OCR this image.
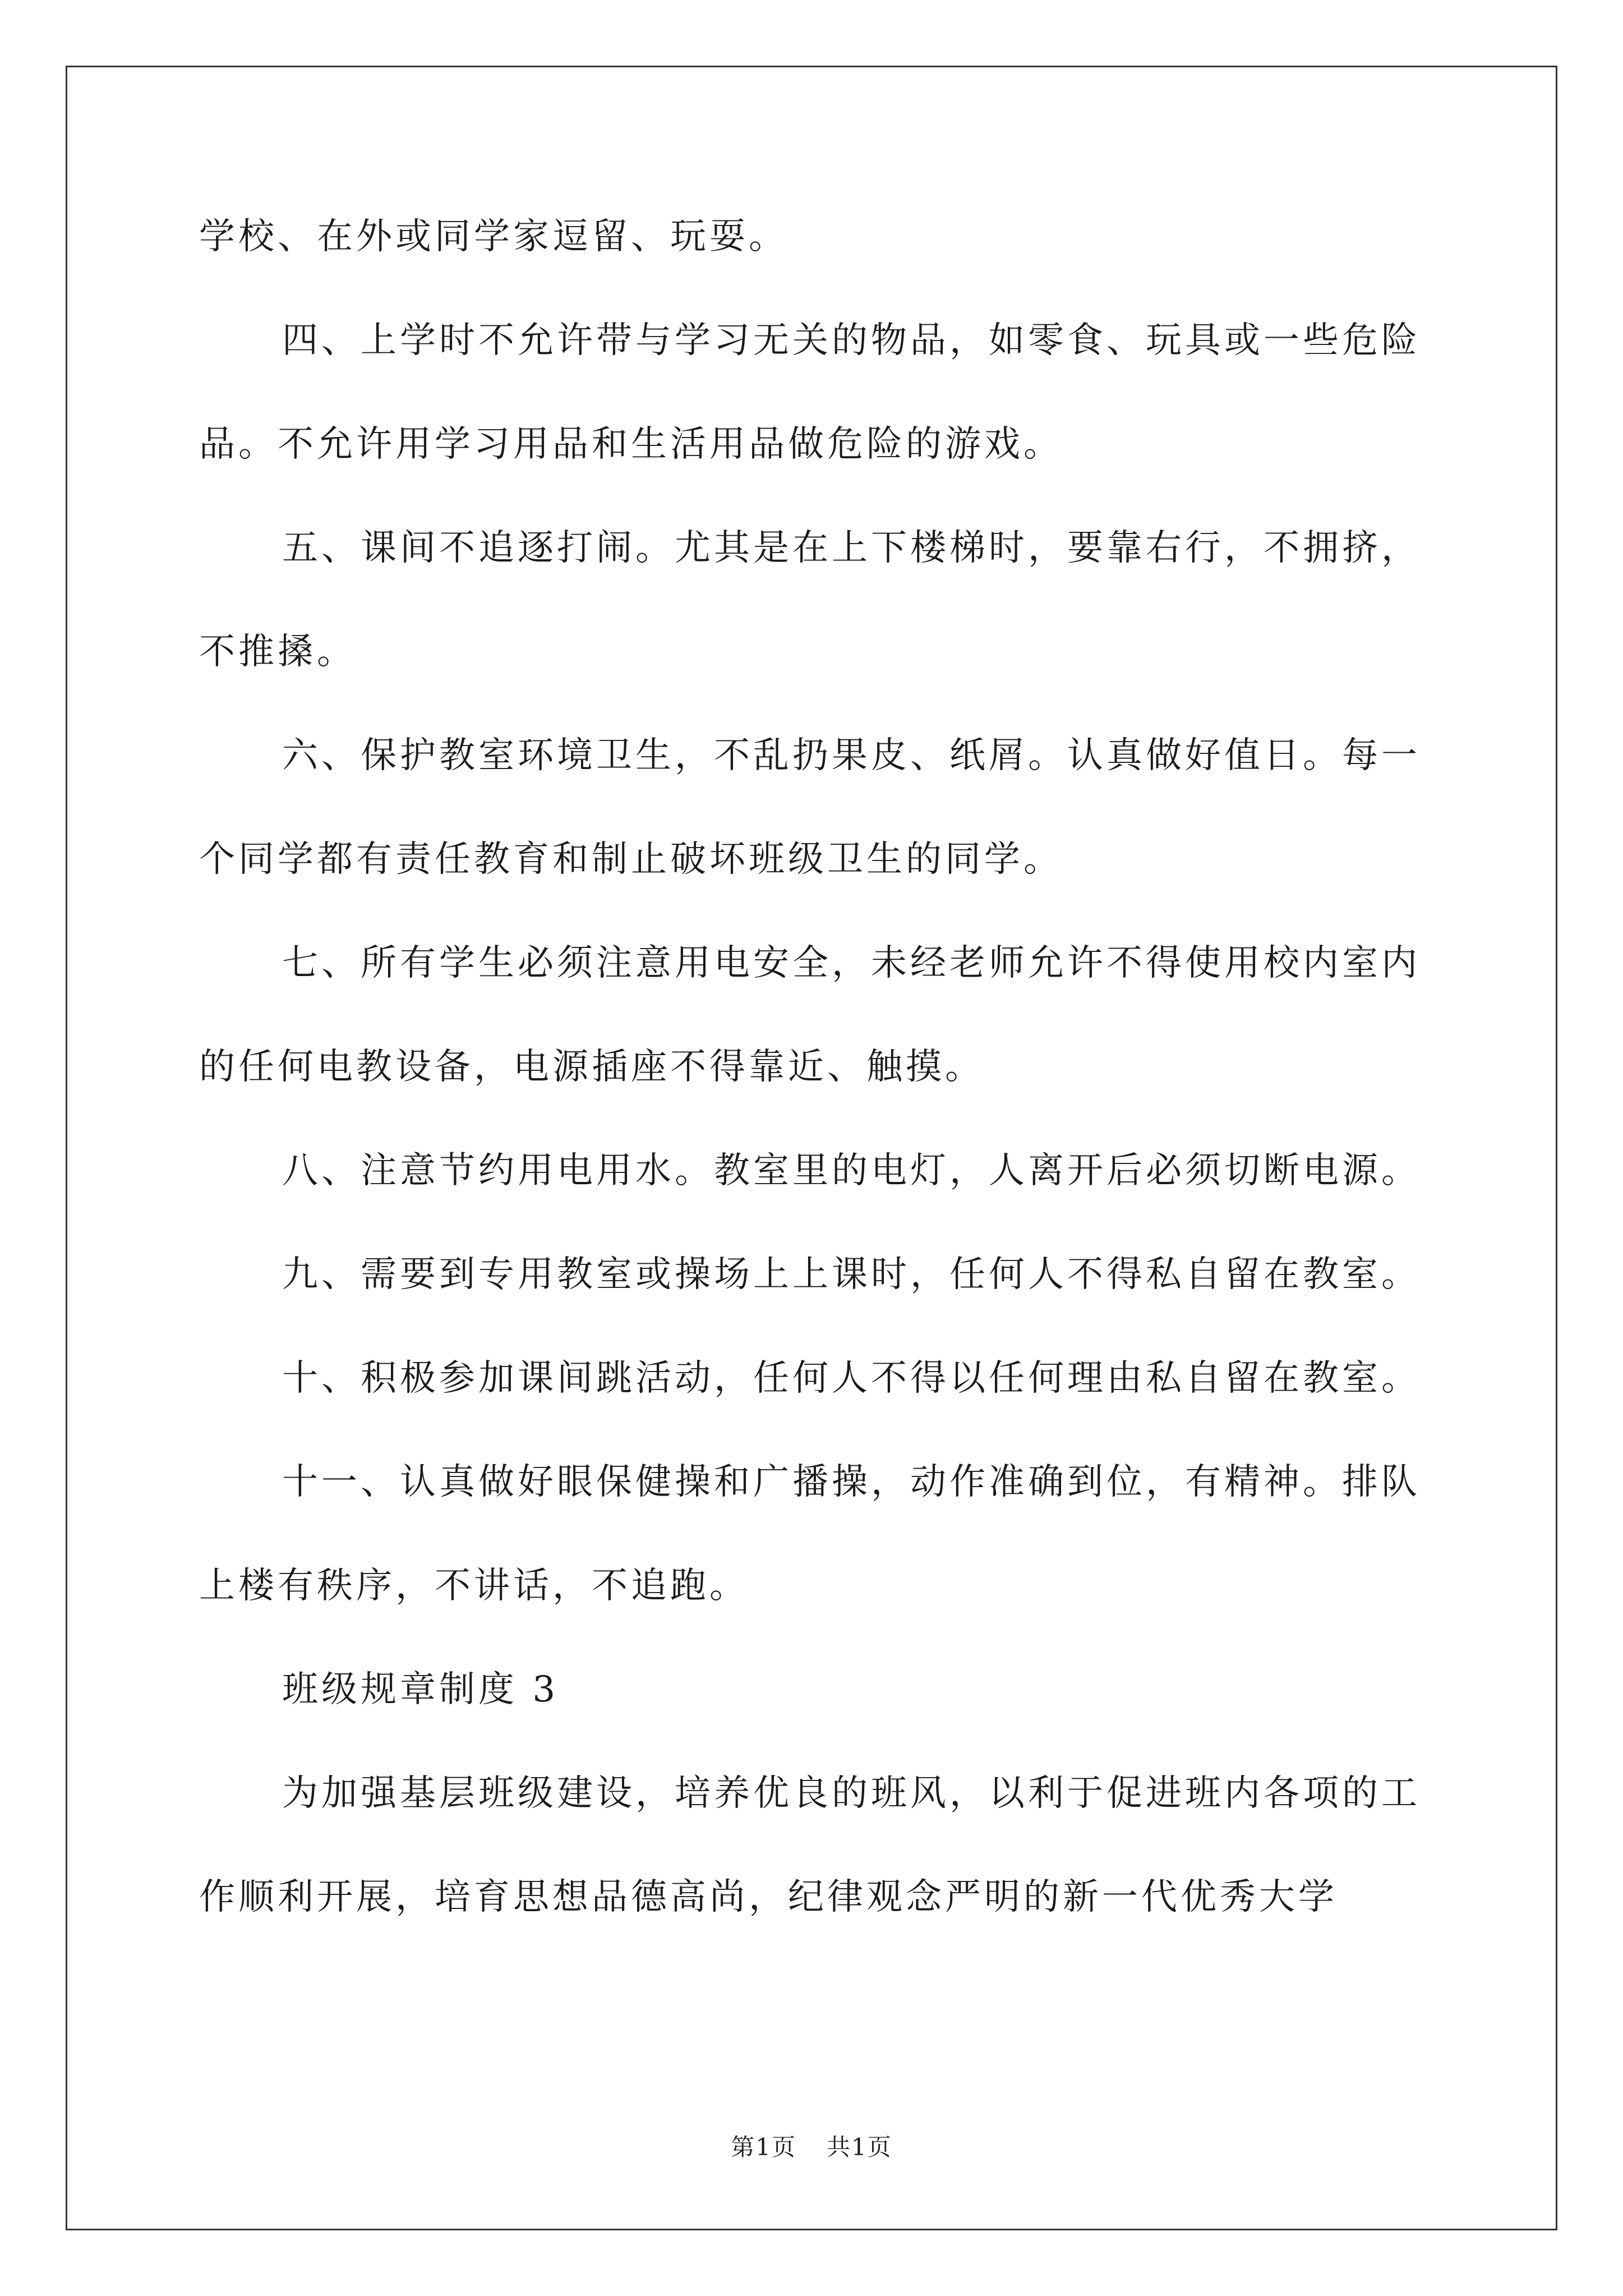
学校、在外或同学家逗留、玩耍。

四、上学时不允许带与学习无关的物品，如零食、玩具或一些危险品。不允许用学习用品和生活用品做危险的游戏。

五、课间不追逐打闹。尤其是在上下楼梯时，要靠右行，不拥挤，不推搡。

六、保护教室环境卫生，不乱扔果皮、纸屑。认真做好值日。每一个同学都有责任教育和制止破坏班级卫生的同学。

七、所有学生必须注意用电安全，未经老师允许不得使用校内室内的任何电教设备，电源插座不得靠近、触摸。

八、注意节约用电用水。教室里的电灯，人离开后必须切断电源。

九、需要到专用教室或操场上上课时，任何人不得私自留在教室。

十、积极参加课间跳活动，任何人不得以任何理由私自留在教室。

十一、认真做好眼保健操和广播操，动作准确到位，有精神。排队上楼有秩序，不讲话，不追跑。

班级规章制度 3

为加强基层班级建设，培养优良的班风，以利于促进班内各项的工作顺利开展，培育思想品德高尚，纪律观念严明的新一代优秀大学

第1页 共1页
